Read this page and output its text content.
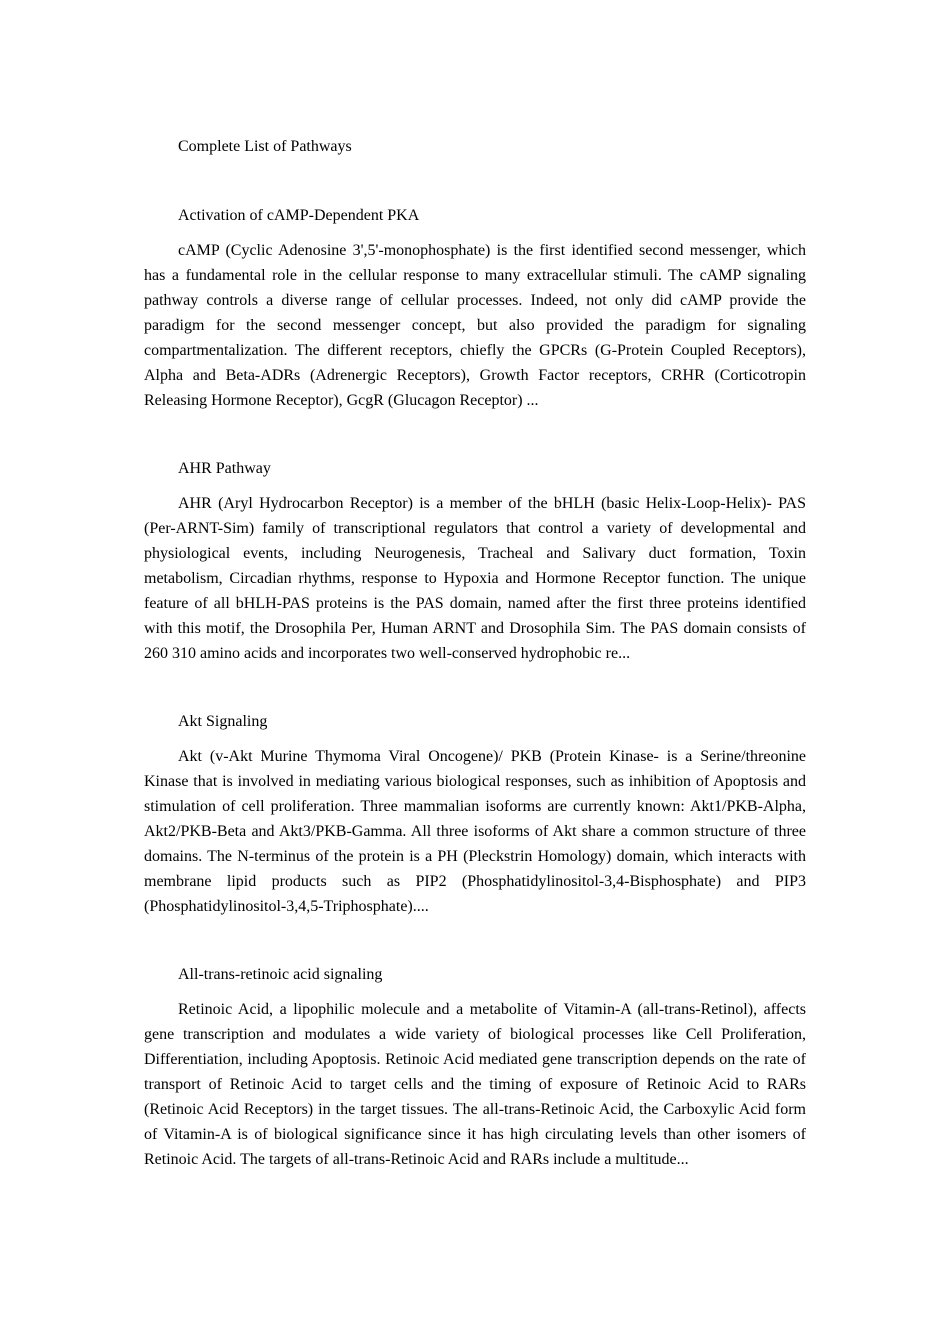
Complete List of Pathways

Activation of cAMP-Dependent PKA

cAMP (Cyclic Adenosine 3',5'-monophosphate) is the first identified second messenger, which has a fundamental role in the cellular response to many extracellular stimuli. The cAMP signaling pathway controls a diverse range of cellular processes. Indeed, not only did cAMP provide the paradigm for the second messenger concept, but also provided the paradigm for signaling compartmentalization. The different receptors, chiefly the GPCRs (G-Protein Coupled Receptors), Alpha and Beta-ADRs (Adrenergic Receptors), Growth Factor receptors, CRHR (Corticotropin Releasing Hormone Receptor), GcgR (Glucagon Receptor) ...

AHR Pathway

AHR (Aryl Hydrocarbon Receptor) is a member of the bHLH (basic Helix-Loop-Helix)- PAS (Per-ARNT-Sim) family of transcriptional regulators that control a variety of developmental and physiological events, including Neurogenesis, Tracheal and Salivary duct formation, Toxin metabolism, Circadian rhythms, response to Hypoxia and Hormone Receptor function. The unique feature of all bHLH-PAS proteins is the PAS domain, named after the first three proteins identified with this motif, the Drosophila Per, Human ARNT and Drosophila Sim. The PAS domain consists of 260 310 amino acids and incorporates two well-conserved hydrophobic re...

Akt Signaling

Akt (v-Akt Murine Thymoma Viral Oncogene)/ PKB (Protein Kinase- is a Serine/threonine Kinase that is involved in mediating various biological responses, such as inhibition of Apoptosis and stimulation of cell proliferation. Three mammalian isoforms are currently known: Akt1/PKB-Alpha, Akt2/PKB-Beta and Akt3/PKB-Gamma. All three isoforms of Akt share a common structure of three domains. The N-terminus of the protein is a PH (Pleckstrin Homology) domain, which interacts with membrane lipid products such as PIP2 (Phosphatidylinositol-3,4-Bisphosphate) and PIP3 (Phosphatidylinositol-3,4,5-Triphosphate)....

All-trans-retinoic acid signaling

Retinoic Acid, a lipophilic molecule and a metabolite of Vitamin-A (all-trans-Retinol), affects gene transcription and modulates a wide variety of biological processes like Cell Proliferation, Differentiation, including Apoptosis. Retinoic Acid mediated gene transcription depends on the rate of transport of Retinoic Acid to target cells and the timing of exposure of Retinoic Acid to RARs (Retinoic Acid Receptors) in the target tissues. The all-trans-Retinoic Acid, the Carboxylic Acid form of Vitamin-A is of biological significance since it has high circulating levels than other isomers of Retinoic Acid. The targets of all-trans-Retinoic Acid and RARs include a multitude...
